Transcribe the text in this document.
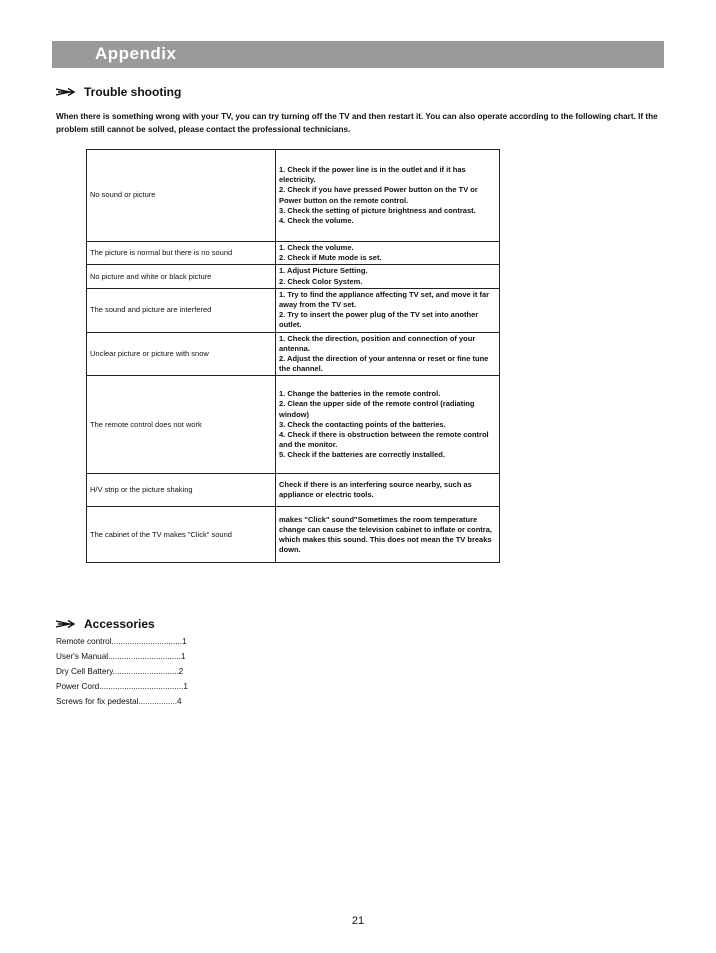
Appendix
Trouble shooting
When there is something wrong with your TV, you can try turning off the TV and then restart it. You can also operate according to the following chart. If the problem still cannot be solved, please contact the professional technicians.
No sound or picture	1. Check if the power line is in the outlet and if it has electricity.
2. Check if you have pressed Power button on the TV or Power button on the remote control.
3. Check the setting of picture brightness and contrast.
4. Check the volume.

The picture is normal but there is no sound	1. Check the volume.
2. Check if Mute mode is set.

No picture and white or black picture	1. Adjust Picture Setting.
2. Check Color System.

The sound and picture are interfered	1. Try to find the appliance affecting TV set, and move it far away from the TV set.
2. Try to insert the power plug of the TV set into another outlet.

Unclear picture or picture with snow	1. Check the direction, position and connection of your antenna.
2. Adjust the direction of your antenna or reset or fine tune the channel.

The remote control does not work	1. Change the batteries in the remote control.
2. Clean the upper side of the remote control (radiating window)
3. Check the contacting points of the batteries.
4. Check if there is obstruction between the remote control and the monitor.
5. Check if the batteries are correctly installed.

H/V strip or the picture shaking	Check if there is an interfering source nearby, such as appliance or electric tools.

The cabinet of the TV makes "Click" sound	makes "Click" sound"Sometimes the room temperature change can cause the television cabinet to inflate or contra, which makes this sound. This does not mean the TV breaks down.
Accessories
Remote control...............................1
User's Manual................................1
Dry Cell Battery.............................2
Power Cord.....................................1
Screws for fix pedestal.................4
21
